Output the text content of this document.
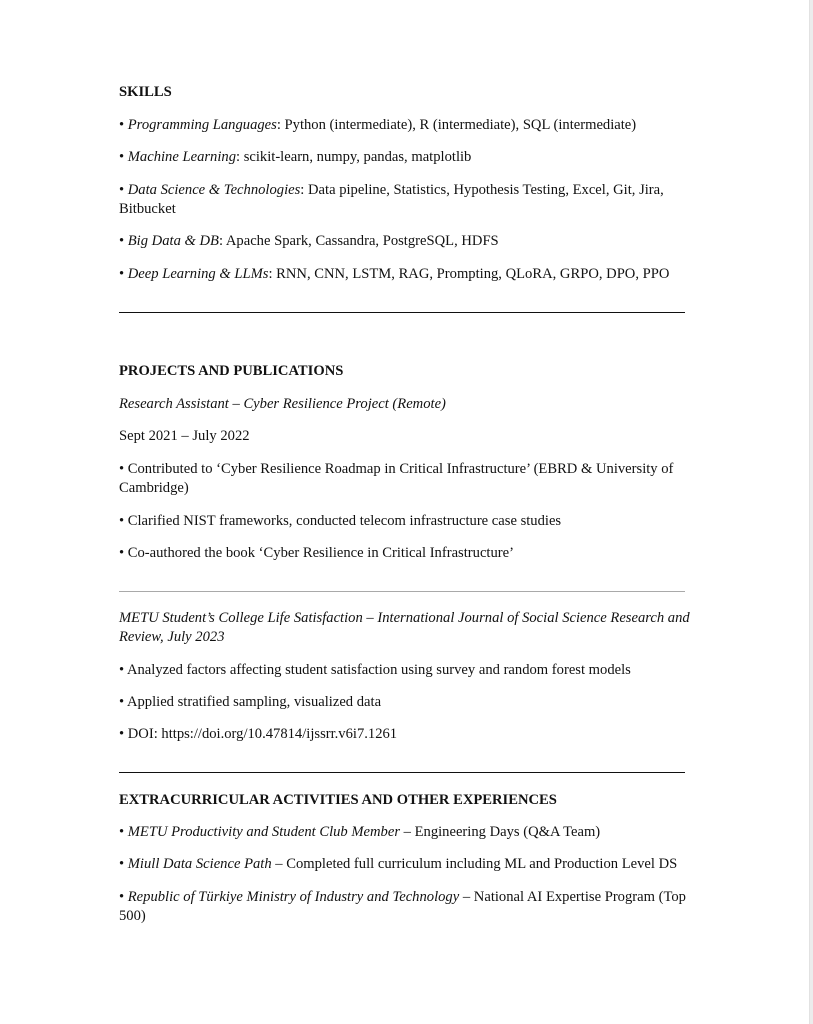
SKILLS
• Programming Languages: Python (intermediate), R (intermediate), SQL (intermediate)
• Machine Learning: scikit-learn, numpy, pandas, matplotlib
• Data Science & Technologies: Data pipeline, Statistics, Hypothesis Testing, Excel, Git, Jira, Bitbucket
• Big Data & DB: Apache Spark, Cassandra, PostgreSQL, HDFS
• Deep Learning & LLMs: RNN, CNN, LSTM, RAG, Prompting, QLoRA, GRPO, DPO, PPO
PROJECTS AND PUBLICATIONS
Research Assistant – Cyber Resilience Project (Remote)
Sept 2021 – July 2022
• Contributed to ‘Cyber Resilience Roadmap in Critical Infrastructure’ (EBRD & University of Cambridge)
• Clarified NIST frameworks, conducted telecom infrastructure case studies
• Co-authored the book ‘Cyber Resilience in Critical Infrastructure’
METU Student’s College Life Satisfaction – International Journal of Social Science Research and Review, July 2023
• Analyzed factors affecting student satisfaction using survey and random forest models
• Applied stratified sampling, visualized data
• DOI: https://doi.org/10.47814/ijssrr.v6i7.1261
EXTRACURRICULAR ACTIVITIES AND OTHER EXPERIENCES
• METU Productivity and Student Club Member – Engineering Days (Q&A Team)
• Miull Data Science Path – Completed full curriculum including ML and Production Level DS
• Republic of Türkiye Ministry of Industry and Technology – National AI Expertise Program (Top 500)
